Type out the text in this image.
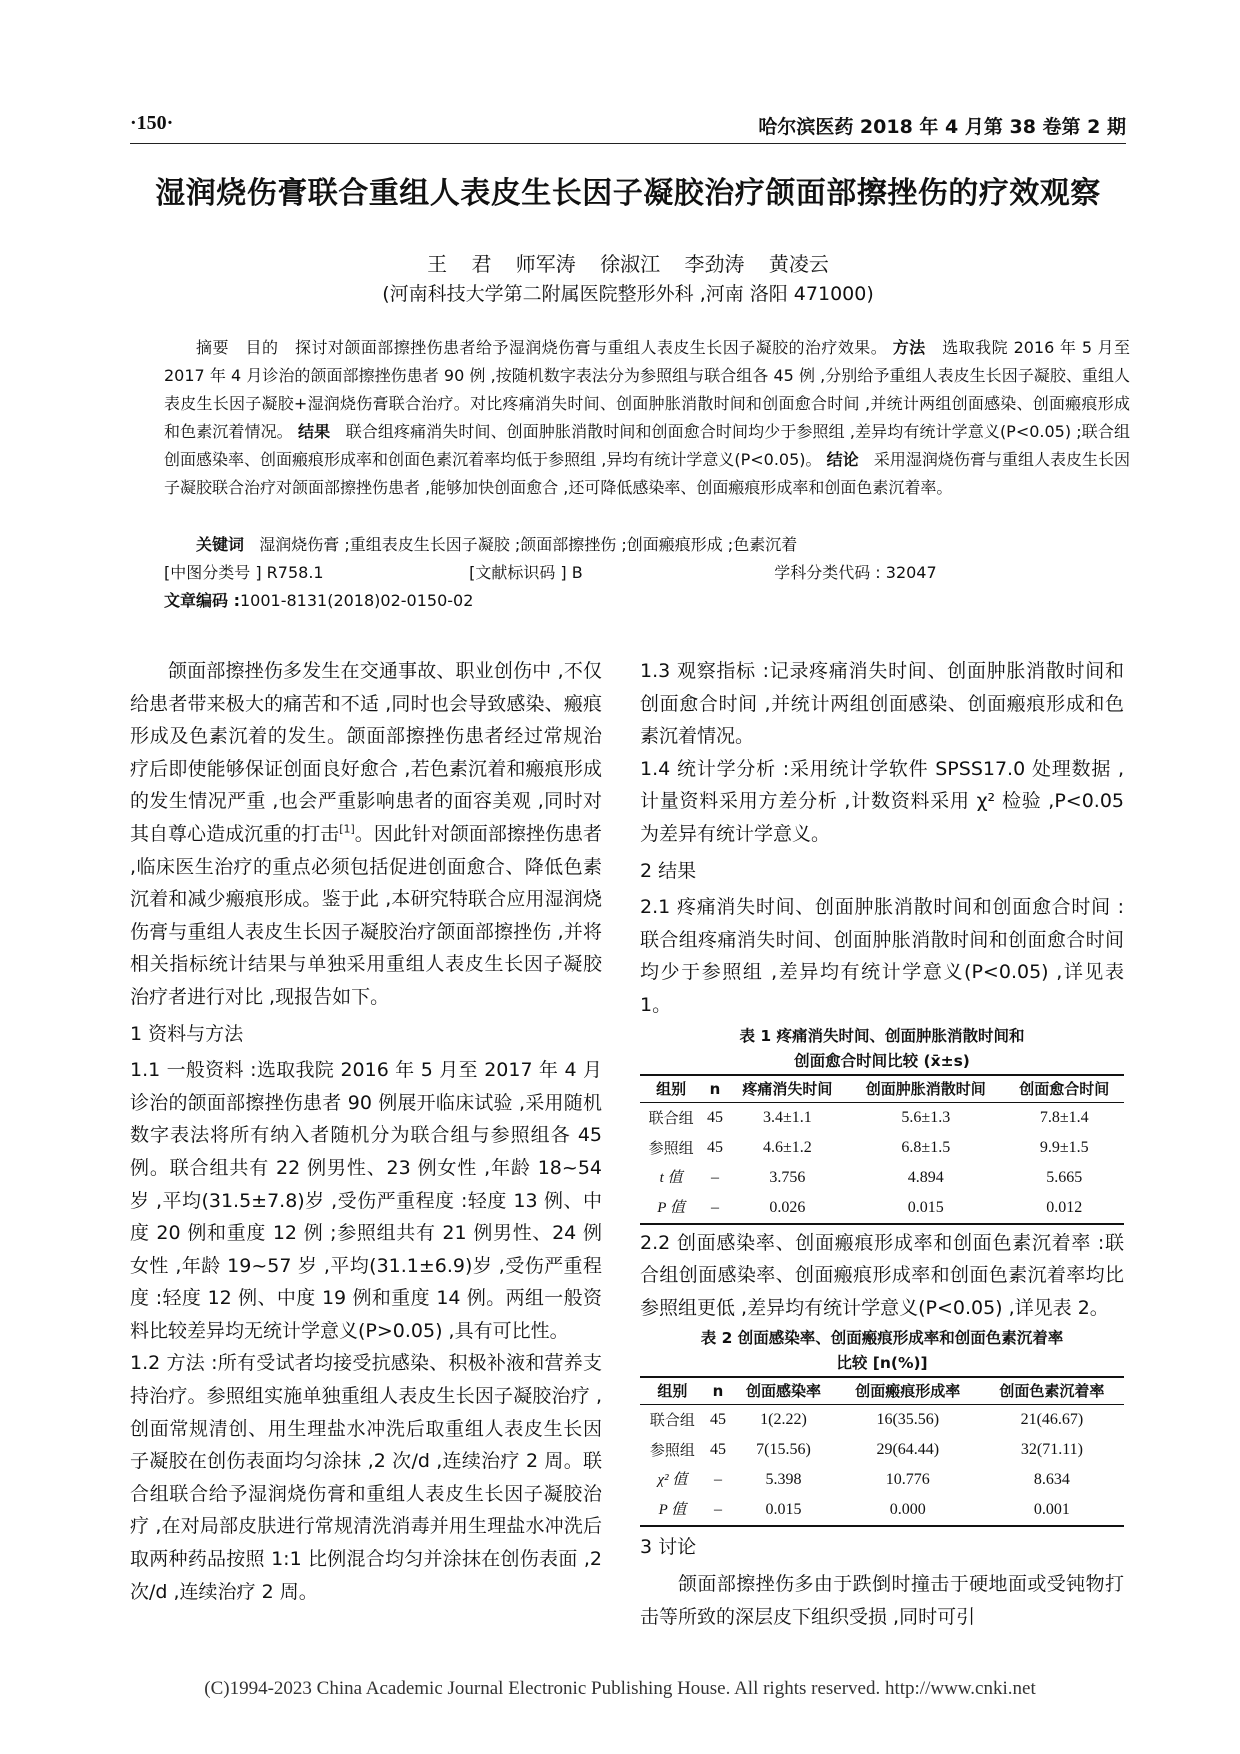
·150·	哈尔滨医药 2018 年 4 月第 38 卷第 2 期
湿润烧伤膏联合重组人表皮生长因子凝胶治疗颌面部擦挫伤的疗效观察
王 君 师军涛 徐淑江 李劲涛 黄凌云
(河南科技大学第二附属医院整形外科 ,河南 洛阳 471000)
摘要 目的 探讨对颌面部擦挫伤患者给予湿润烧伤膏与重组人表皮生长因子凝胶的治疗效果。 方法 选取我院 2016 年 5 月至 2017 年 4 月诊治的颌面部擦挫伤患者 90 例 ,按随机数字表法分为参照组与联合组各 45 例 ,分别给予重组人表皮生长因子凝胶、重组人表皮生长因子凝胶+湿润烧伤膏联合治疗。对比疼痛消失时间、创面肿胀消散时间和创面愈合时间 ,并统计两组创面感染、创面瘢痕形成和色素沉着情况。 结果 联合组疼痛消失时间、创面肿胀消散时间和创面愈合时间均少于参照组 ,差异均有统计学意义(P<0.05) ;联合组创面感染率、创面瘢痕形成率和创面色素沉着率均低于参照组 ,异均有统计学意义(P<0.05)。 结论 采用湿润烧伤膏与重组人表皮生长因子凝胶联合治疗对颌面部擦挫伤患者 ,能够加快创面愈合 ,还可降低感染率、创面瘢痕形成率和创面色素沉着率。
关键词 湿润烧伤膏 ;重组表皮生长因子凝胶 ;颌面部擦挫伤 ;创面瘢痕形成 ;色素沉着
[中图分类号 ] R758.1	[文献标识码 ] B	学科分类代码 : 32047
文章编码 :1001-8131(2018)02-0150-02

颌面部擦挫伤多发生在交通事故、职业创伤中 ,不仅给患者带来极大的痛苦和不适 ,同时也会导致感染、瘢痕形成及色素沉着的发生。颌面部擦挫伤患者经过常规治疗后即使能够保证创面良好愈合 ,若色素沉着和瘢痕形成的发生情况严重 ,也会严重影响患者的面容美观 ,同时对其自尊心造成沉重的打击[1]。因此针对颌面部擦挫伤患者 ,临床医生治疗的重点必须包括促进创面愈合、降低色素沉着和减少瘢痕形成。鉴于此 ,本研究特联合应用湿润烧伤膏与重组人表皮生长因子凝胶治疗颌面部擦挫伤 ,并将相关指标统计结果与单独采用重组人表皮生长因子凝胶治疗者进行对比 ,现报告如下。

1 资料与方法

1.1 一般资料 :选取我院 2016 年 5 月至 2017 年 4 月诊治的颌面部擦挫伤患者 90 例展开临床试验 ,采用随机数字表法将所有纳入者随机分为联合组与参照组各 45 例。联合组共有 22 例男性、23 例女性 ,年龄 18~54 岁 ,平均(31.5±7.8)岁 ,受伤严重程度 :轻度 13 例、中度 20 例和重度 12 例 ;参照组共有 21 例男性、24 例女性 ,年龄 19~57 岁 ,平均(31.1±6.9)岁 ,受伤严重程度 :轻度 12 例、中度 19 例和重度 14 例。两组一般资料比较差异均无统计学意义(P>0.05) ,具有可比性。

1.2 方法 :所有受试者均接受抗感染、积极补液和营养支持治疗。参照组实施单独重组人表皮生长因子凝胶治疗 ,创面常规清创、用生理盐水冲洗后取重组人表皮生长因子凝胶在创伤表面均匀涂抹 ,2 次/d ,连续治疗 2 周。联合组联合给予湿润烧伤膏和重组人表皮生长因子凝胶治疗 ,在对局部皮肤进行常规清洗消毒并用生理盐水冲洗后取两种药品按照 1:1 比例混合均匀并涂抹在创伤表面 ,2 次/d ,连续治疗 2 周。

1.3 观察指标 :记录疼痛消失时间、创面肿胀消散时间和创面愈合时间 ,并统计两组创面感染、创面瘢痕形成和色素沉着情况。

1.4 统计学分析 :采用统计学软件 SPSS17.0 处理数据 ,计量资料采用方差分析 ,计数资料采用 χ² 检验 ,P<0.05 为差异有统计学意义。

2 结果

2.1 疼痛消失时间、创面肿胀消散时间和创面愈合时间 :联合组疼痛消失时间、创面肿胀消散时间和创面愈合时间均少于参照组 ,差异均有统计学意义(P<0.05) ,详见表 1。

表 1 疼痛消失时间、创面肿胀消散时间和
创面愈合时间比较 (x̄±s)
组别	n	疼痛消失时间	创面肿胀消散时间	创面愈合时间
联合组	45	3.4±1.1	5.6±1.3	7.8±1.4
参照组	45	4.6±1.2	6.8±1.5	9.9±1.5
t 值	–	3.756	4.894	5.665
P 值	–	0.026	0.015	0.012

2.2 创面感染率、创面瘢痕形成率和创面色素沉着率 :联合组创面感染率、创面瘢痕形成率和创面色素沉着率均比参照组更低 ,差异均有统计学意义(P<0.05) ,详见表 2。

表 2 创面感染率、创面瘢痕形成率和创面色素沉着率
比较 [n(%)]
组别	n	创面感染率	创面瘢痕形成率	创面色素沉着率
联合组	45	1(2.22)	16(35.56)	21(46.67)
参照组	45	7(15.56)	29(64.44)	32(71.11)
χ² 值	–	5.398	10.776	8.634
P 值	–	0.015	0.000	0.001

3 讨论

颌面部擦挫伤多由于跌倒时撞击于硬地面或受钝物打击等所致的深层皮下组织受损 ,同时可引

(C)1994-2023 China Academic Journal Electronic Publishing House. All rights reserved. http://www.cnki.net
